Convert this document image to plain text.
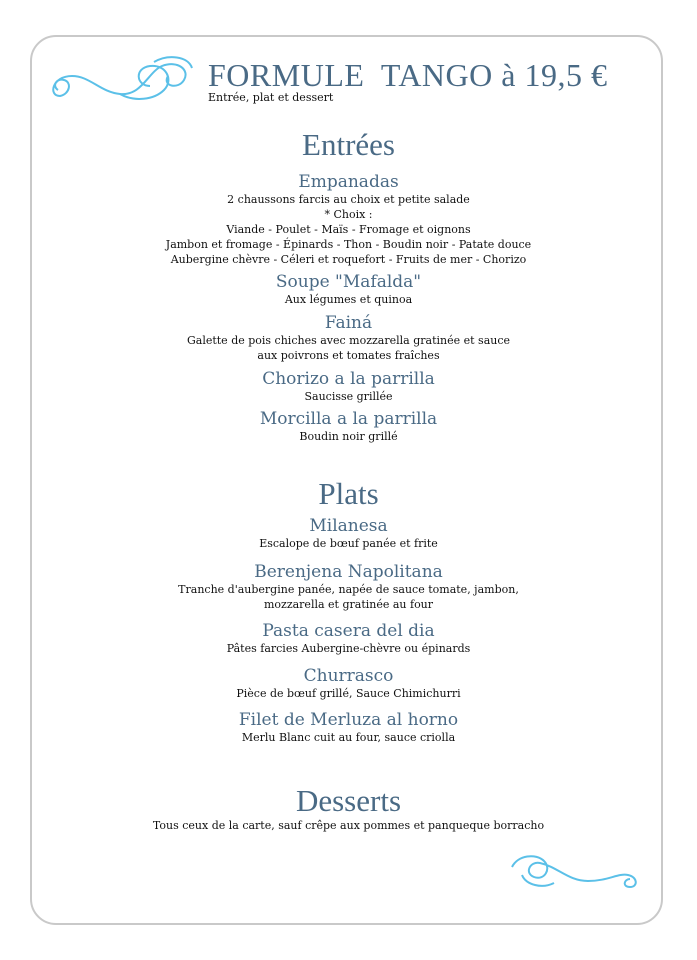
FORMULE  TANGO à 19,5 €
Entrée, plat et dessert
Entrées
Empanadas
2 chaussons farcis au choix et petite salade
* Choix :
Viande - Poulet - Maïs - Fromage et oignons
Jambon et fromage - Épinards - Thon - Boudin noir - Patate douce
Aubergine chèvre - Céleri et roquefort - Fruits de mer - Chorizo
Soupe "Mafalda"
Aux légumes et quinoa
Fainá
Galette de pois chiches avec mozzarella gratinée et sauce
aux poivrons et tomates fraîches
Chorizo a la parrilla
Saucisse grillée
Morcilla a la parrilla
Boudin noir grillé
Plats
Milanesa
Escalope de bœuf panée et frite
Berenjena Napolitana
Tranche d'aubergine panée, napée de sauce tomate, jambon,
mozzarella et gratinée au four
Pasta casera del dia
Pâtes farcies Aubergine-chèvre ou épinards
Churrasco
Pièce de bœuf grillé, Sauce Chimichurri
Filet de Merluza al horno
Merlu Blanc cuit au four, sauce criolla
Desserts
Tous ceux de la carte, sauf crêpe aux pommes et panqueque borracho
